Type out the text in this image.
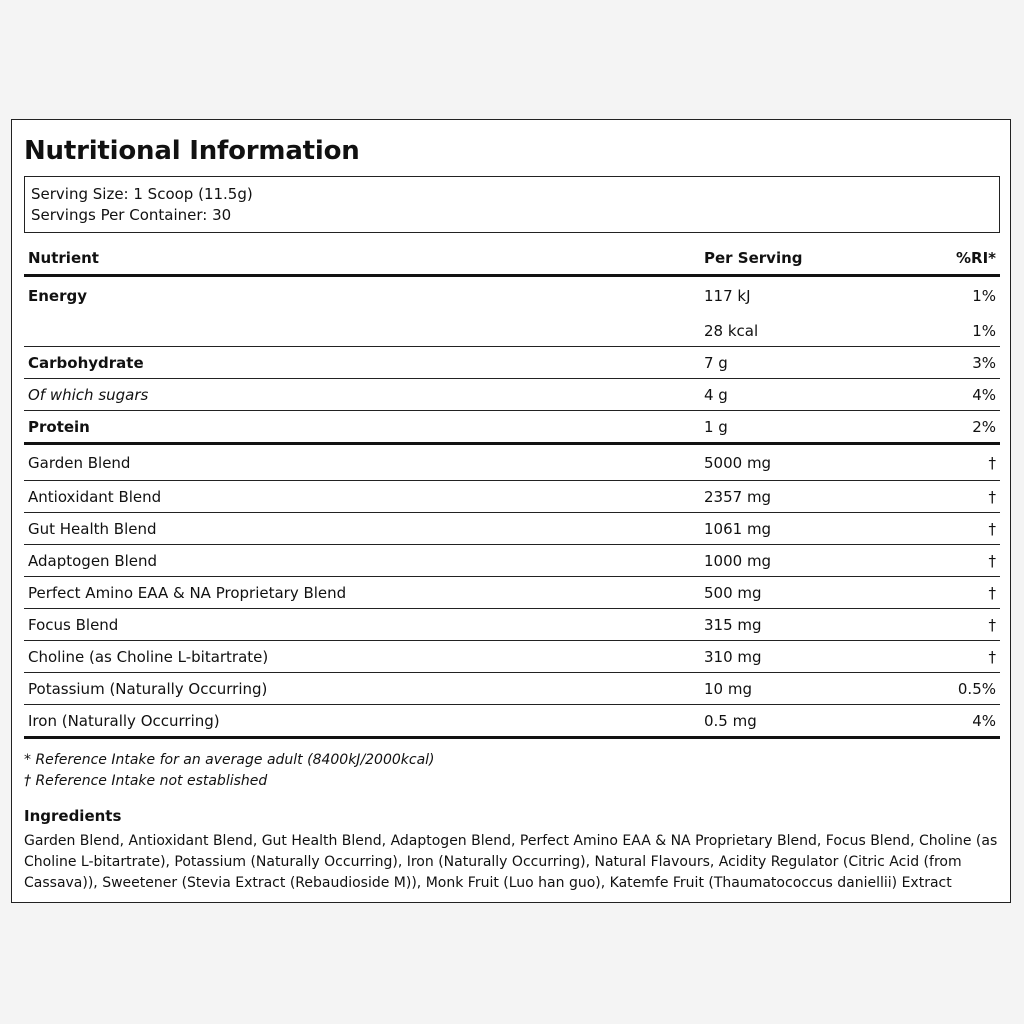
Nutritional Information
Serving Size: 1 Scoop (11.5g)
Servings Per Container: 30
Nutrient	Per Serving	%RI*
Energy	117 kJ	1%
	28 kcal	1%
Carbohydrate	7 g	3%
Of which sugars	4 g	4%
Protein	1 g	2%
Garden Blend	5000 mg	†
Antioxidant Blend	2357 mg	†
Gut Health Blend	1061 mg	†
Adaptogen Blend	1000 mg	†
Perfect Amino EAA & NA Proprietary Blend	500 mg	†
Focus Blend	315 mg	†
Choline (as Choline L-bitartrate)	310 mg	†
Potassium (Naturally Occurring)	10 mg	0.5%
Iron (Naturally Occurring)	0.5 mg	4%
* Reference Intake for an average adult (8400kJ/2000kcal)
† Reference Intake not established
Ingredients
Garden Blend, Antioxidant Blend, Gut Health Blend, Adaptogen Blend, Perfect Amino EAA & NA Proprietary Blend, Focus Blend, Choline (as Choline L-bitartrate), Potassium (Naturally Occurring), Iron (Naturally Occurring), Natural Flavours, Acidity Regulator (Citric Acid (from Cassava)), Sweetener (Stevia Extract (Rebaudioside M)), Monk Fruit (Luo han guo), Katemfe Fruit (Thaumatococcus daniellii) Extract
